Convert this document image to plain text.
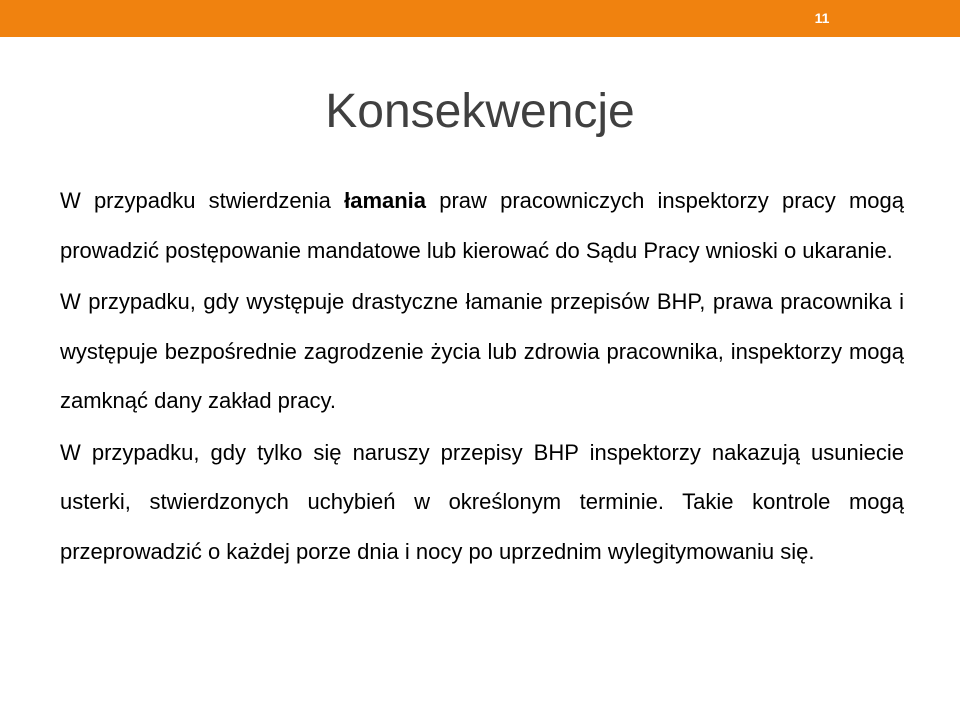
11
Konsekwencje

W przypadku stwierdzenia łamania praw pracowniczych inspektorzy pracy mogą prowadzić postępowanie mandatowe lub kierować do Sądu Pracy wnioski o ukaranie.

W przypadku, gdy występuje drastyczne łamanie przepisów BHP, prawa pracownika i występuje bezpośrednie zagrodzenie życia lub zdrowia pracownika, inspektorzy mogą zamknąć dany zakład pracy.

W przypadku, gdy tylko się naruszy przepisy BHP inspektorzy nakazują usuniecie usterki, stwierdzonych uchybień w określonym terminie. Takie kontrole mogą przeprowadzić o każdej porze dnia i nocy po uprzednim wylegitymowaniu się.
